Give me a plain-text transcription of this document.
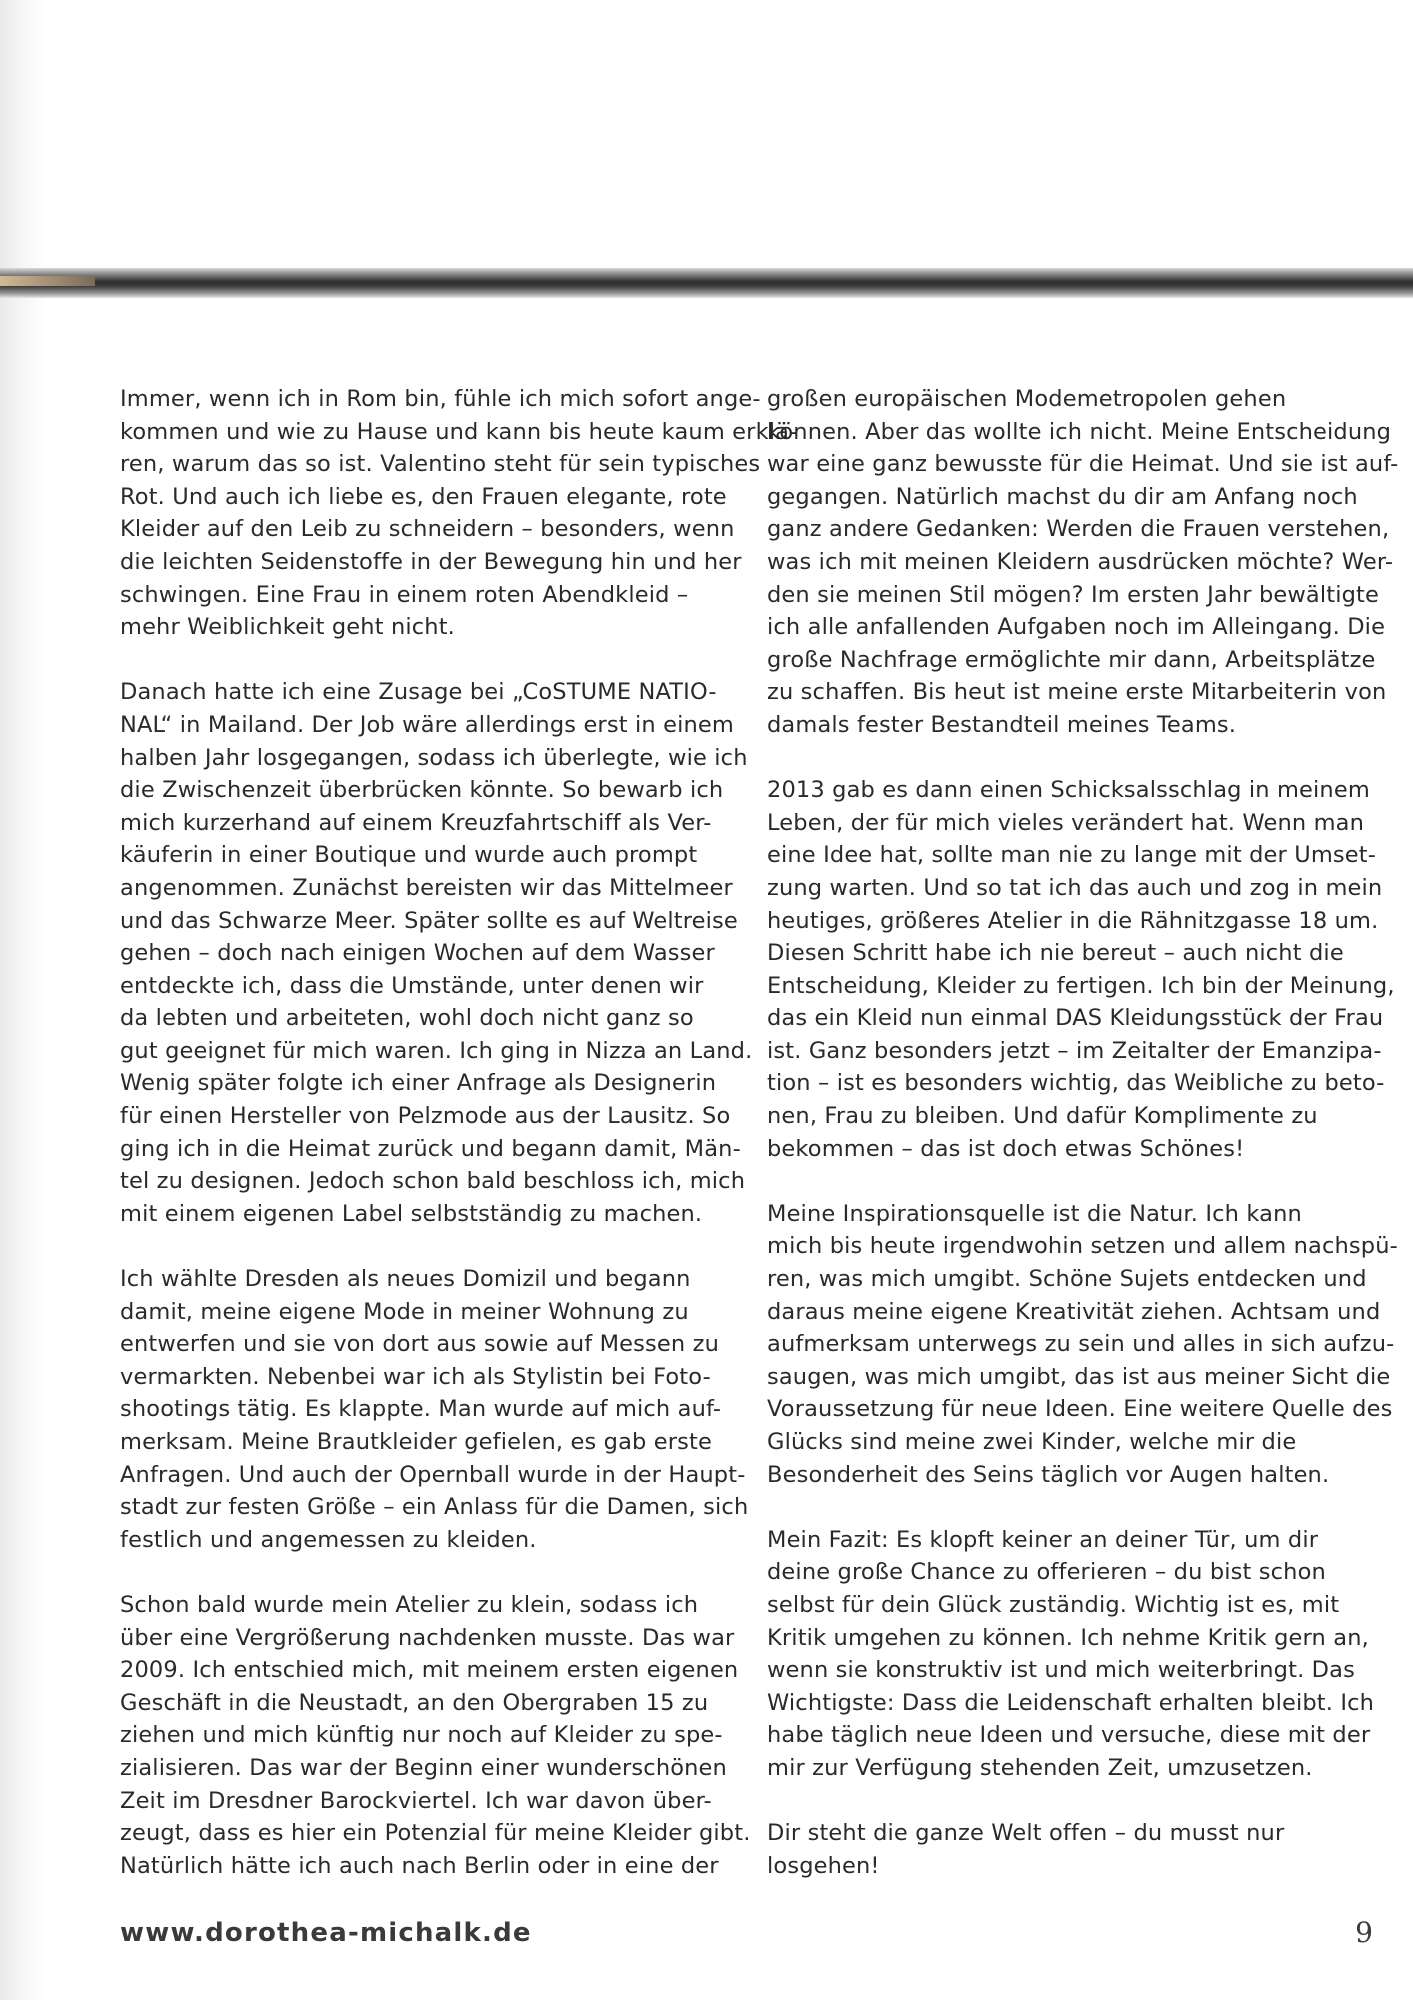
Immer, wenn ich in Rom bin, fühle ich mich sofort ange-
kommen und wie zu Hause und kann bis heute kaum erklä-
ren, warum das so ist. Valentino steht für sein typisches
Rot. Und auch ich liebe es, den Frauen elegante, rote
Kleider auf den Leib zu schneidern – besonders, wenn
die leichten Seidenstoffe in der Bewegung hin und her
schwingen. Eine Frau in einem roten Abendkleid –
mehr Weiblichkeit geht nicht.

Danach hatte ich eine Zusage bei „CoSTUME NATIO-
NAL“ in Mailand. Der Job wäre allerdings erst in einem
halben Jahr losgegangen, sodass ich überlegte, wie ich
die Zwischenzeit überbrücken könnte. So bewarb ich
mich kurzerhand auf einem Kreuzfahrtschiff als Ver-
käuferin in einer Boutique und wurde auch prompt
angenommen. Zunächst bereisten wir das Mittelmeer
und das Schwarze Meer. Später sollte es auf Weltreise
gehen – doch nach einigen Wochen auf dem Wasser
entdeckte ich, dass die Umstände, unter denen wir
da lebten und arbeiteten, wohl doch nicht ganz so
gut geeignet für mich waren. Ich ging in Nizza an Land.
Wenig später folgte ich einer Anfrage als Designerin
für einen Hersteller von Pelzmode aus der Lausitz. So
ging ich in die Heimat zurück und begann damit, Män-
tel zu designen. Jedoch schon bald beschloss ich, mich
mit einem eigenen Label selbstständig zu machen.

Ich wählte Dresden als neues Domizil und begann
damit, meine eigene Mode in meiner Wohnung zu
entwerfen und sie von dort aus sowie auf Messen zu
vermarkten. Nebenbei war ich als Stylistin bei Foto-
shootings tätig. Es klappte. Man wurde auf mich auf-
merksam. Meine Brautkleider gefielen, es gab erste
Anfragen. Und auch der Opernball wurde in der Haupt-
stadt zur festen Größe – ein Anlass für die Damen, sich
festlich und angemessen zu kleiden.

Schon bald wurde mein Atelier zu klein, sodass ich
über eine Vergrößerung nachdenken musste. Das war
2009. Ich entschied mich, mit meinem ersten eigenen
Geschäft in die Neustadt, an den Obergraben 15 zu
ziehen und mich künftig nur noch auf Kleider zu spe-
zialisieren. Das war der Beginn einer wunderschönen
Zeit im Dresdner Barockviertel. Ich war davon über-
zeugt, dass es hier ein Potenzial für meine Kleider gibt.
Natürlich hätte ich auch nach Berlin oder in eine der

großen europäischen Modemetropolen gehen
können. Aber das wollte ich nicht. Meine Entscheidung
war eine ganz bewusste für die Heimat. Und sie ist auf-
gegangen. Natürlich machst du dir am Anfang noch
ganz andere Gedanken: Werden die Frauen verstehen,
was ich mit meinen Kleidern ausdrücken möchte? Wer-
den sie meinen Stil mögen? Im ersten Jahr bewältigte
ich alle anfallenden Aufgaben noch im Alleingang. Die
große Nachfrage ermöglichte mir dann, Arbeitsplätze
zu schaffen. Bis heut ist meine erste Mitarbeiterin von
damals fester Bestandteil meines Teams.

2013 gab es dann einen Schicksalsschlag in meinem
Leben, der für mich vieles verändert hat. Wenn man
eine Idee hat, sollte man nie zu lange mit der Umset-
zung warten. Und so tat ich das auch und zog in mein
heutiges, größeres Atelier in die Rähnitzgasse 18 um.
Diesen Schritt habe ich nie bereut – auch nicht die
Entscheidung, Kleider zu fertigen. Ich bin der Meinung,
das ein Kleid nun einmal DAS Kleidungsstück der Frau
ist. Ganz besonders jetzt – im Zeitalter der Emanzipa-
tion – ist es besonders wichtig, das Weibliche zu beto-
nen, Frau zu bleiben. Und dafür Komplimente zu
bekommen – das ist doch etwas Schönes!

Meine Inspirationsquelle ist die Natur. Ich kann
mich bis heute irgendwohin setzen und allem nachspü-
ren, was mich umgibt. Schöne Sujets entdecken und
daraus meine eigene Kreativität ziehen. Achtsam und
aufmerksam unterwegs zu sein und alles in sich aufzu-
saugen, was mich umgibt, das ist aus meiner Sicht die
Voraussetzung für neue Ideen. Eine weitere Quelle des
Glücks sind meine zwei Kinder, welche mir die
Besonderheit des Seins täglich vor Augen halten.

Mein Fazit: Es klopft keiner an deiner Tür, um dir
deine große Chance zu offerieren – du bist schon
selbst für dein Glück zuständig. Wichtig ist es, mit
Kritik umgehen zu können. Ich nehme Kritik gern an,
wenn sie konstruktiv ist und mich weiterbringt. Das
Wichtigste: Dass die Leidenschaft erhalten bleibt. Ich
habe täglich neue Ideen und versuche, diese mit der
mir zur Verfügung stehenden Zeit, umzusetzen.

Dir steht die ganze Welt offen – du musst nur
losgehen!

www.dorothea-michalk.de	9
